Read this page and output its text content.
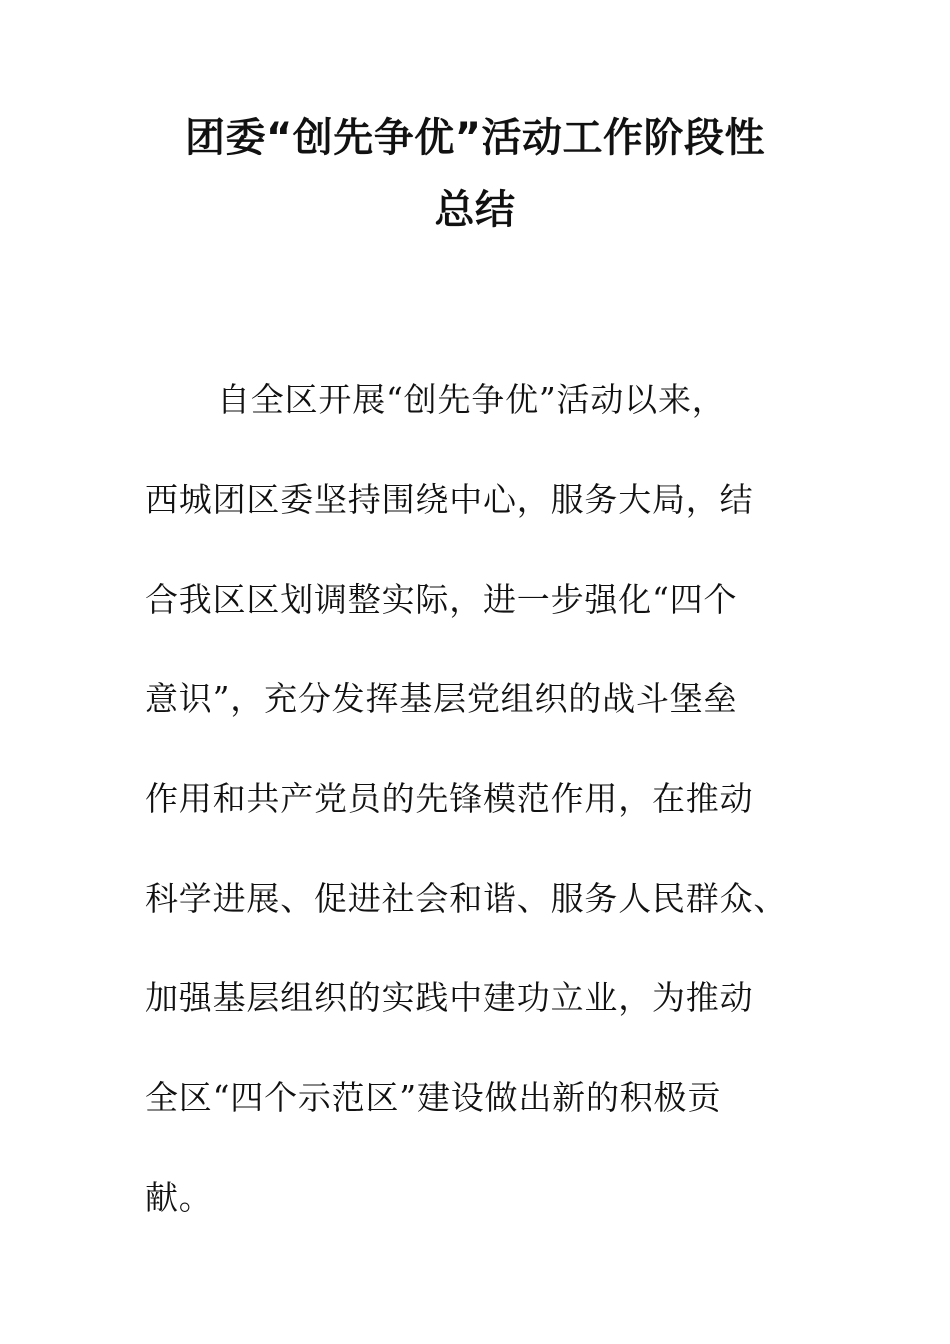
团委“创先争优”活动工作阶段性
总结
自全区开展“创先争优”活动以来，
西城团区委坚持围绕中心，服务大局，结
合我区区划调整实际，进一步强化“四个
意识”，充分发挥基层党组织的战斗堡垒
作用和共产党员的先锋模范作用，在推动
科学进展、促进社会和谐、服务人民群众、
加强基层组织的实践中建功立业，为推动
全区“四个示范区”建设做出新的积极贡
献。
